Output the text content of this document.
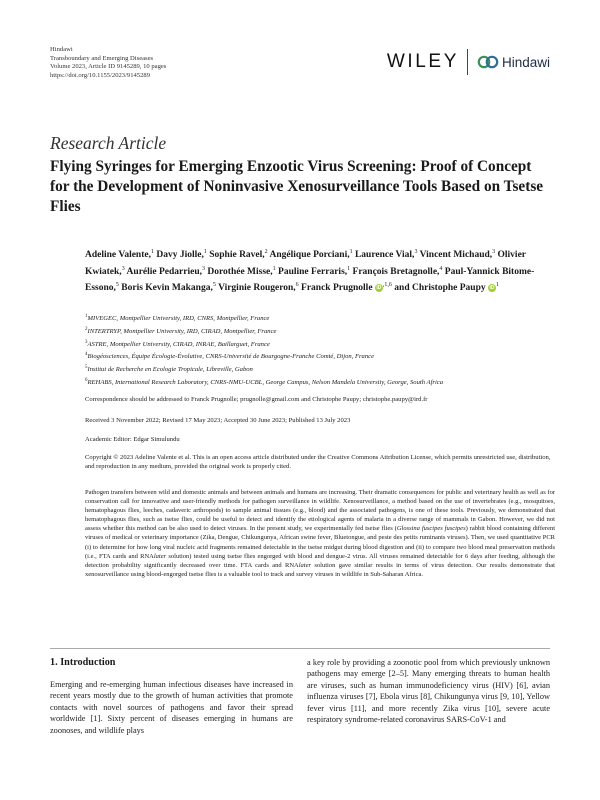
Hindawi
Transboundary and Emerging Diseases
Volume 2023, Article ID 9145289, 10 pages
https://doi.org/10.1155/2023/9145289
WILEY	Hindawi
Research Article
Flying Syringes for Emerging Enzootic Virus Screening: Proof of Concept for the Development of Noninvasive Xenosurveillance Tools Based on Tsetse Flies

Adeline Valente,$^1$ Davy Jiolle,$^1$ Sophie Ravel,$^2$ Angélique Porciani,$^1$ Laurence Vial,$^3$ Vincent Michaud,$^3$ Olivier Kwiatek,$^3$ Aurélie Pedarrieu,$^3$ Dorothée Misse,$^1$ Pauline Ferraris,$^1$ François Bretagnolle,$^4$ Paul-Yannick Bitome-Essono,$^5$ Boris Kevin Makanga,$^5$ Virginie Rougeron,$^6$ Franck Prugnolle $iD^{,1,6}$ and Christophe Paupy $iD^1$

$^1$MIVEGEC, Montpellier University, IRD, CNRS, Montpellier, France
$^2$INTERTRYP, Montpellier University, IRD, CIRAD, Montpellier, France
$^3$ASTRE, Montpellier University, CIRAD, INRAE, Baillarguet, France
$^4$Biogéosciences, Équipe Écologie-Évolutive, CNRS-Université de Bourgogne-Franche Comté, Dijon, France
$^5$Institut de Recherche en Ecologie Tropicale, Libreville, Gabon
$^6$REHABS, International Research Laboratory, CNRS-NMU-UCBL, George Campus, Nelson Mandela University, George, South Africa
Correspondence should be addressed to Franck Prugnolle; prugnolle@gmail.com and Christophe Paupy; christophe.paupy@ird.fr
Received 3 November 2022; Revised 17 May 2023; Accepted 30 June 2023; Published 13 July 2023
Academic Editor: Edgar Simulundu
Copyright © 2023 Adeline Valente et al. This is an open access article distributed under the Creative Commons Attribution License, which permits unrestricted use, distribution, and reproduction in any medium, provided the original work is properly cited.

Pathogen transfers between wild and domestic animals and between animals and humans are increasing. Their dramatic consequences for public and veterinary health as well as for conservation call for innovative and user-friendly methods for pathogen surveillance in wildlife. Xenosurveillance, a method based on the use of invertebrates (e.g., mosquitoes, hematophagous flies, leeches, cadaveric arthropods) to sample animal tissues (e.g., blood) and the associated pathogens, is one of these tools. Previously, we demonstrated that hematophagous flies, such as tsetse flies, could be useful to detect and identify the etiological agents of malaria in a diverse range of mammals in Gabon. However, we did not assess whether this method can be also used to detect viruses. In the present study, we experimentally fed tsetse flies (Glossina fuscipes fuscipes) rabbit blood containing different viruses of medical or veterinary importance (Zika, Dengue, Chikungunya, African swine fever, Bluetongue, and peste des petits ruminants viruses). Then, we used quantitative PCR (i) to determine for how long viral nucleic acid fragments remained detectable in the tsetse midgut during blood digestion and (ii) to compare two blood meal preservation methods (i.e., FTA cards and RNAlater solution) tested using tsetse flies engorged with blood and dengue-2 virus. All viruses remained detectable for 6 days after feeding, although the detection probability significantly decreased over time. FTA cards and RNAlater solution gave similar results in terms of virus detection. Our results demonstrate that xenosurveillance using blood-engorged tsetse flies is a valuable tool to track and survey viruses in wildlife in Sub-Saharan Africa.

1. Introduction

Emerging and re-emerging human infectious diseases have increased in recent years mostly due to the growth of human activities that promote contacts with novel sources of pathogens and favor their spread worldwide [1]. Sixty percent of diseases emerging in humans are zoonoses, and wildlife plays

a key role by providing a zoonotic pool from which previously unknown pathogens may emerge [2–5]. Many emerging threats to human health are viruses, such as human immunodeficiency virus (HIV) [6], avian influenza viruses [7], Ebola virus [8], Chikungunya virus [9, 10], Yellow fever virus [11], and more recently Zika virus [10], severe acute respiratory syndrome-related coronavirus SARS-CoV-1 and
